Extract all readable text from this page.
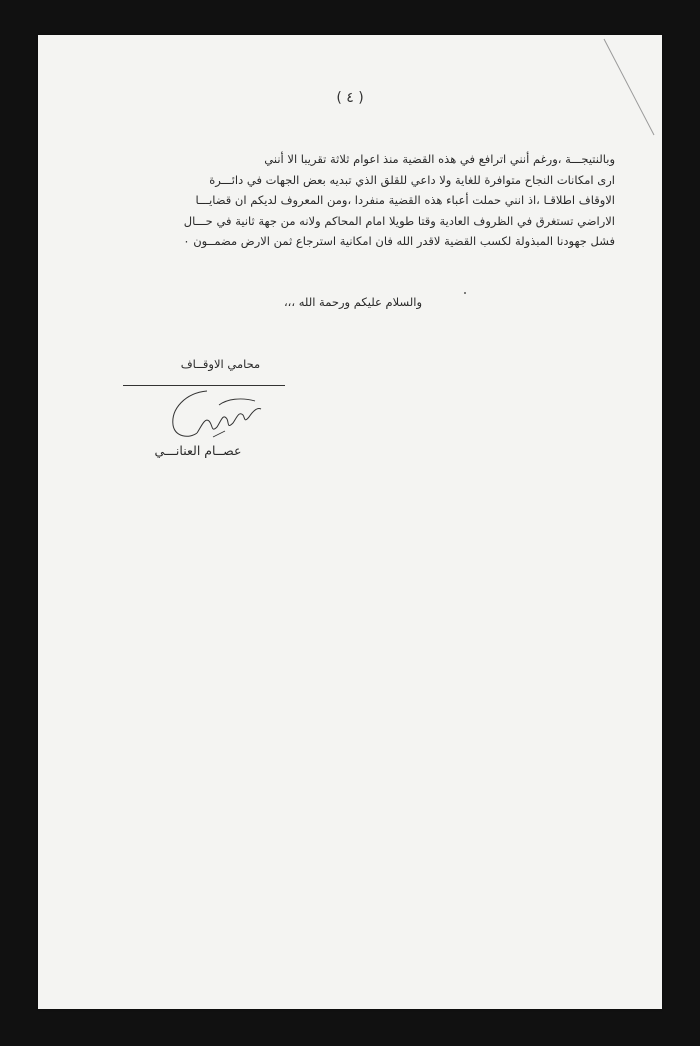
( ٤ )
وبالنتيجـــة ،ورغم أنني اترافع في هذه القضية منذ اعوام ثلاثة تقريبا الا أنني
ارى امكانات النجاح متوافرة للغاية ولا داعي للقلق الذي تبديه بعض الجهات في دائـــرة
الاوقاف اطلاقـا ،اذ انني حملت أعباء هذه القضية منفردا ،ومن المعروف لديكم ان قضايـــا
الاراضي تستغرق في الظروف العادية وقتا طويلا امام المحاكم ولانه من جهة ثانية في حـــال
فشل جهودنا المبذولة لكسب القضية لاقدر الله فان امكانية استرجاع ثمن الارض مضمــون ٠
والسلام عليكم ورحمة الله ،،،
محامي الاوقــاف
عصــام العنانـــي
